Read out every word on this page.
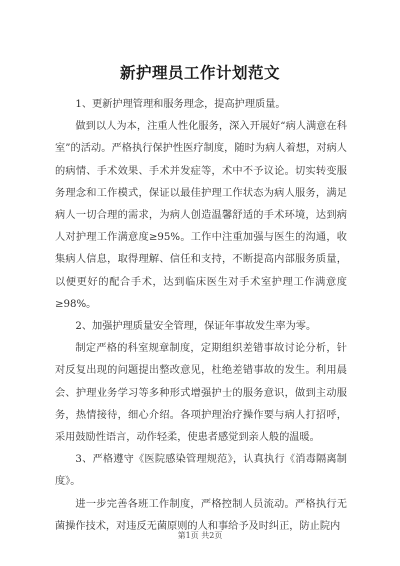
新护理员工作计划范文

1、更新护理管理和服务理念，提高护理质量。

做到以人为本，注重人性化服务，深入开展好“病人满意在科室”的活动。严格执行保护性医疗制度，随时为病人着想，对病人的病情、手术效果、手术并发症等，术中不予议论。切实转变服务理念和工作模式，保证以最佳护理工作状态为病人服务，满足病人一切合理的需求，为病人创造温馨舒适的手术环境，达到病人对护理工作满意度≥95%。工作中注重加强与医生的沟通，收集病人信息，取得理解、信任和支持，不断提高内部服务质量，以便更好的配合手术，达到临床医生对手术室护理工作满意度≥98%。

2、加强护理质量安全管理，保证年事故发生率为零。

制定严格的科室规章制度，定期组织差错事故讨论分析，针对反复出现的问题提出整改意见，杜绝差错事故的发生。利用晨会、护理业务学习等多种形式增强护士的服务意识，做到主动服务，热情接待，细心介绍。各项护理治疗操作要与病人打招呼，采用鼓励性语言，动作轻柔，使患者感觉到亲人般的温暖。

3、严格遵守《医院感染管理规范》，认真执行《消毒隔离制度》。

进一步完善各班工作制度，严格控制人员流动。严格执行无菌操作技术，对违反无菌原则的人和事给予及时纠正，防止院内

第1页 共2页
